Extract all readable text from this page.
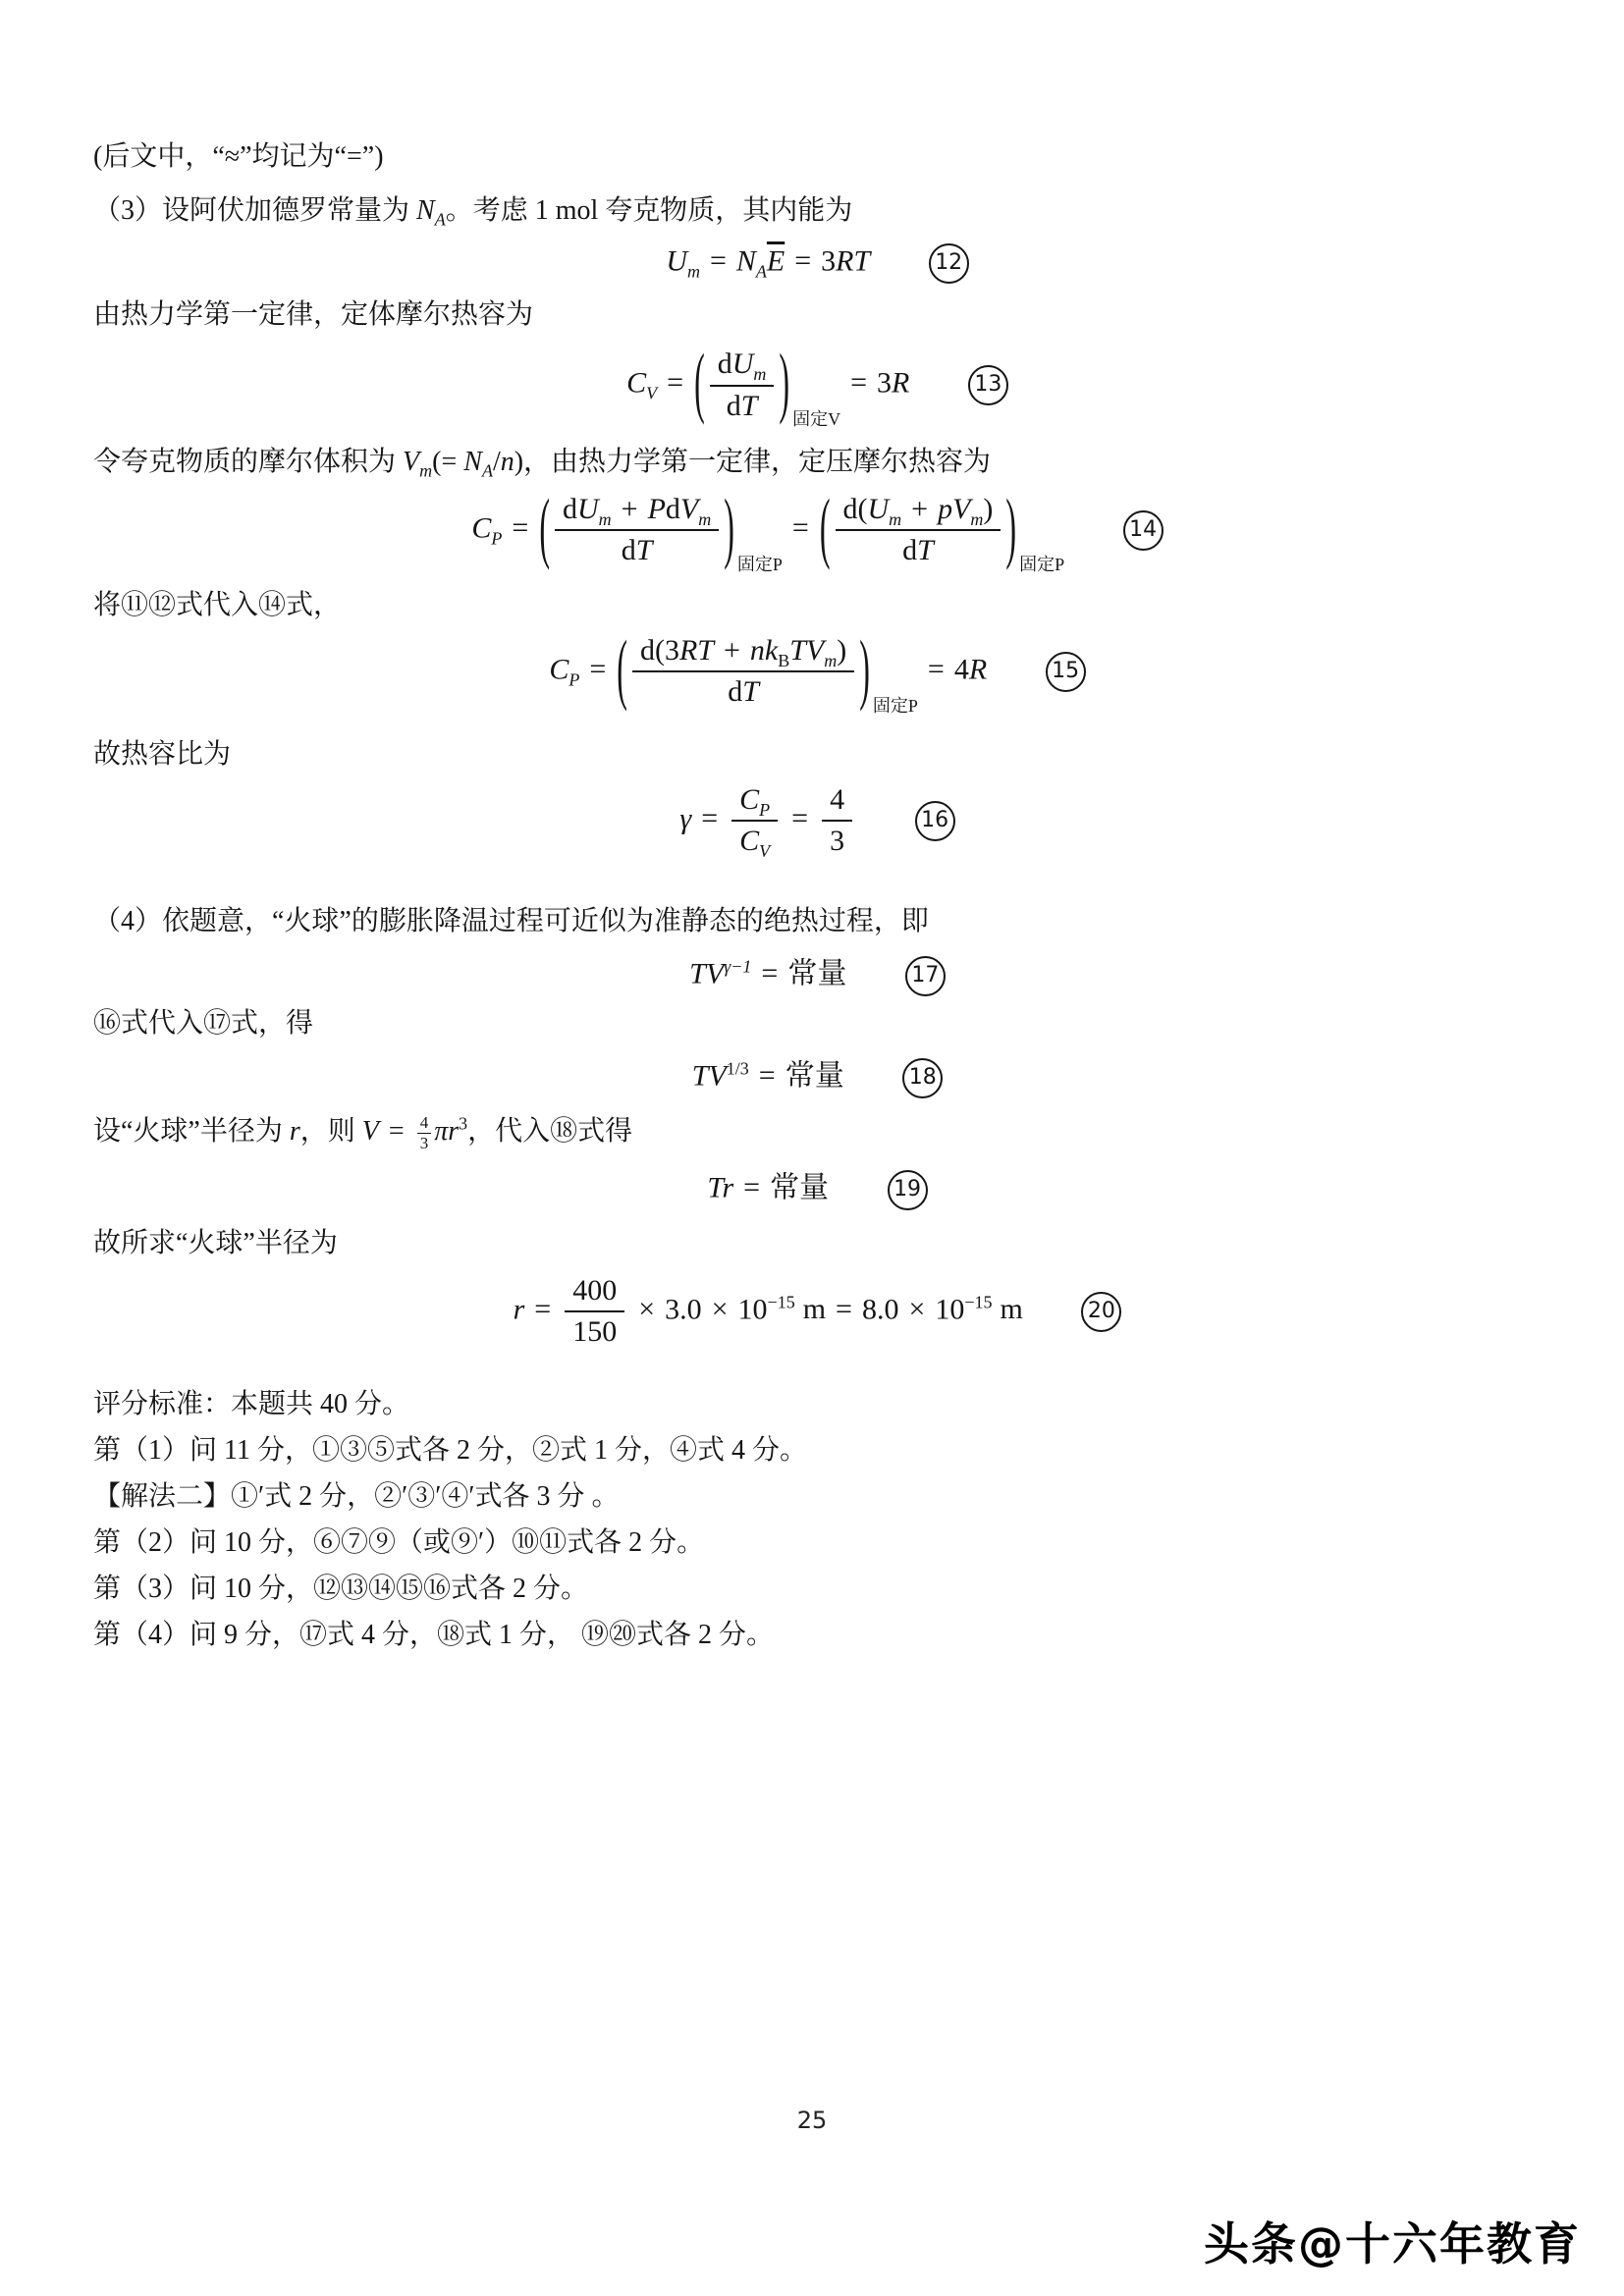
(后文中，“≈”均记为“=”)

（3）设阿伏加德罗常量为 $N_A$。考虑 1 mol 夸克物质，其内能为

$U_m = N_A\overline{E} = 3RT$	12

由热力学第一定律，定体摩尔热容为

$C_V$ = ( $\frac{dU_m}{dT}$ ) $_{固定V}$= 3R	13

令夸克物质的摩尔体积为 $V_m(= N_A/n)$，由热力学第一定律，定压摩尔热容为

$C_P$ = ( $\frac{dU_m + PdV_m}{dT}$ ) $_{固定P}$= ( $\frac{d(U_m + pV_m)}{dT}$ ) $_{固定P}$ 14

将⑪⑫式代入⑭式，

$C_P$ = ( $\frac{d(3RT + nk_BTV_m)}{dT}$ ) $_{固定P}$= 4R	15

故热容比为

$\gamma = \frac{C_P}{C_V} = \frac{4}{3}$	16

（4）依题意，“火球”的膨胀降温过程可近似为准静态的绝热过程，即

$TV^{\gamma-1}$ = 常量	17

⑯式代入⑰式，得

$TV^{1/3}$ = 常量	18

设“火球”半径为 r，则 $V = \frac{4}{3} \pi r^3$，代入⑱式得

Tr = 常量	19

故所求“火球”半径为

$r = \frac{400}{150} \times 3.0 \times 10^{-15}$ $m = 8.0 \times 10^{-15}$ m	20

评分标准：本题共 40 分。

第（1）问 11 分，①③⑤式各 2 分，②式 1 分，④式 4 分。

【解法二】①′式 2 分，②′③′④′式各 3 分 。

第（2）问 10 分，⑥⑦⑨（或⑨′）⑩⑪式各 2 分。

第（3）问 10 分，⑫⑬⑭⑮⑯式各 2 分。

第（4）问 9 分，⑰式 4 分，⑱式 1 分， ⑲⑳式各 2 分。

25
头条@十六年教育
